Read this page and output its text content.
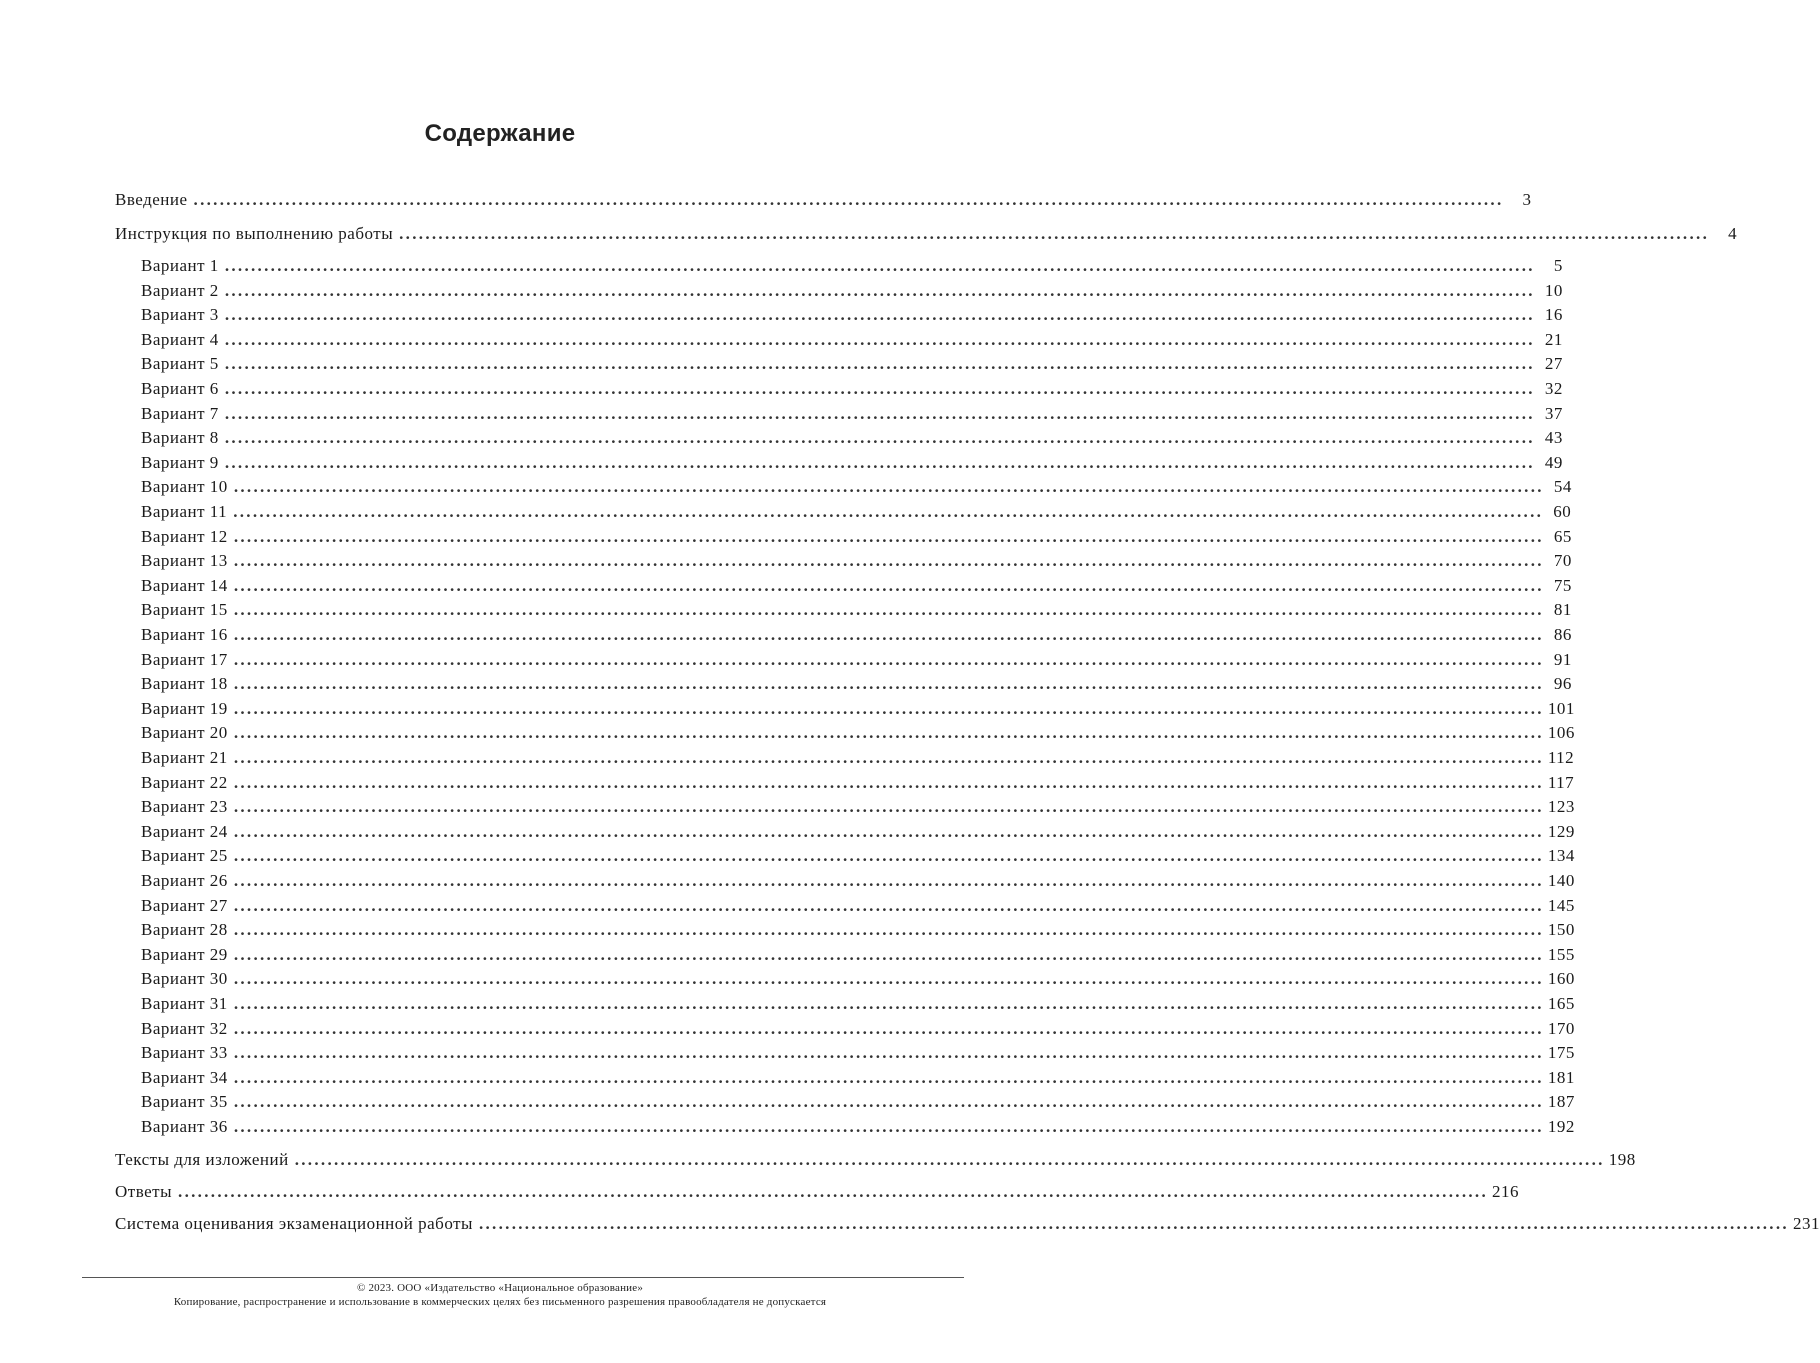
Содержание
Введение ........................................................................................................................................................................................................	3
Инструкция по выполнению работы ........................................................................................................................................................................................................	4
Вариант 1 ........................................................................................................................................................................................................	5
Вариант 2 ........................................................................................................................................................................................................ 10
Вариант 3 ........................................................................................................................................................................................................ 16
Вариант 4 ........................................................................................................................................................................................................ 21
Вариант 5 ........................................................................................................................................................................................................ 27
Вариант 6 ........................................................................................................................................................................................................ 32
Вариант 7 ........................................................................................................................................................................................................ 37
Вариант 8 ........................................................................................................................................................................................................ 43
Вариант 9 ........................................................................................................................................................................................................ 49
Вариант 10 ........................................................................................................................................................................................................ 54
Вариант 11 ........................................................................................................................................................................................................ 60
Вариант 12 ........................................................................................................................................................................................................ 65
Вариант 13 ........................................................................................................................................................................................................ 70
Вариант 14 ........................................................................................................................................................................................................ 75
Вариант 15 ........................................................................................................................................................................................................ 81
Вариант 16 ........................................................................................................................................................................................................ 86
Вариант 17 ........................................................................................................................................................................................................ 91
Вариант 18 ........................................................................................................................................................................................................ 96
Вариант 19 ........................................................................................................................................................................................................ 101
Вариант 20 ........................................................................................................................................................................................................ 106
Вариант 21 ........................................................................................................................................................................................................ 112
Вариант 22 ........................................................................................................................................................................................................ 117
Вариант 23 ........................................................................................................................................................................................................ 123
Вариант 24 ........................................................................................................................................................................................................ 129
Вариант 25 ........................................................................................................................................................................................................ 134
Вариант 26 ........................................................................................................................................................................................................ 140
Вариант 27 ........................................................................................................................................................................................................ 145
Вариант 28 ........................................................................................................................................................................................................ 150
Вариант 29 ........................................................................................................................................................................................................ 155
Вариант 30 ........................................................................................................................................................................................................ 160
Вариант 31 ........................................................................................................................................................................................................ 165
Вариант 32 ........................................................................................................................................................................................................ 170
Вариант 33 ........................................................................................................................................................................................................ 175
Вариант 34 ........................................................................................................................................................................................................ 181
Вариант 35 ........................................................................................................................................................................................................ 187
Вариант 36 ........................................................................................................................................................................................................ 192
Тексты для изложений ........................................................................................................................................................................................................ 198
Ответы ........................................................................................................................................................................................................ 216
Система оценивания экзаменационной работы ........................................................................................................................................................................................................ 231
© 2023. ООО «Издательство «Национальное образование»
Копирование, распространение и использование в коммерческих целях без письменного разрешения правообладателя не допускается
